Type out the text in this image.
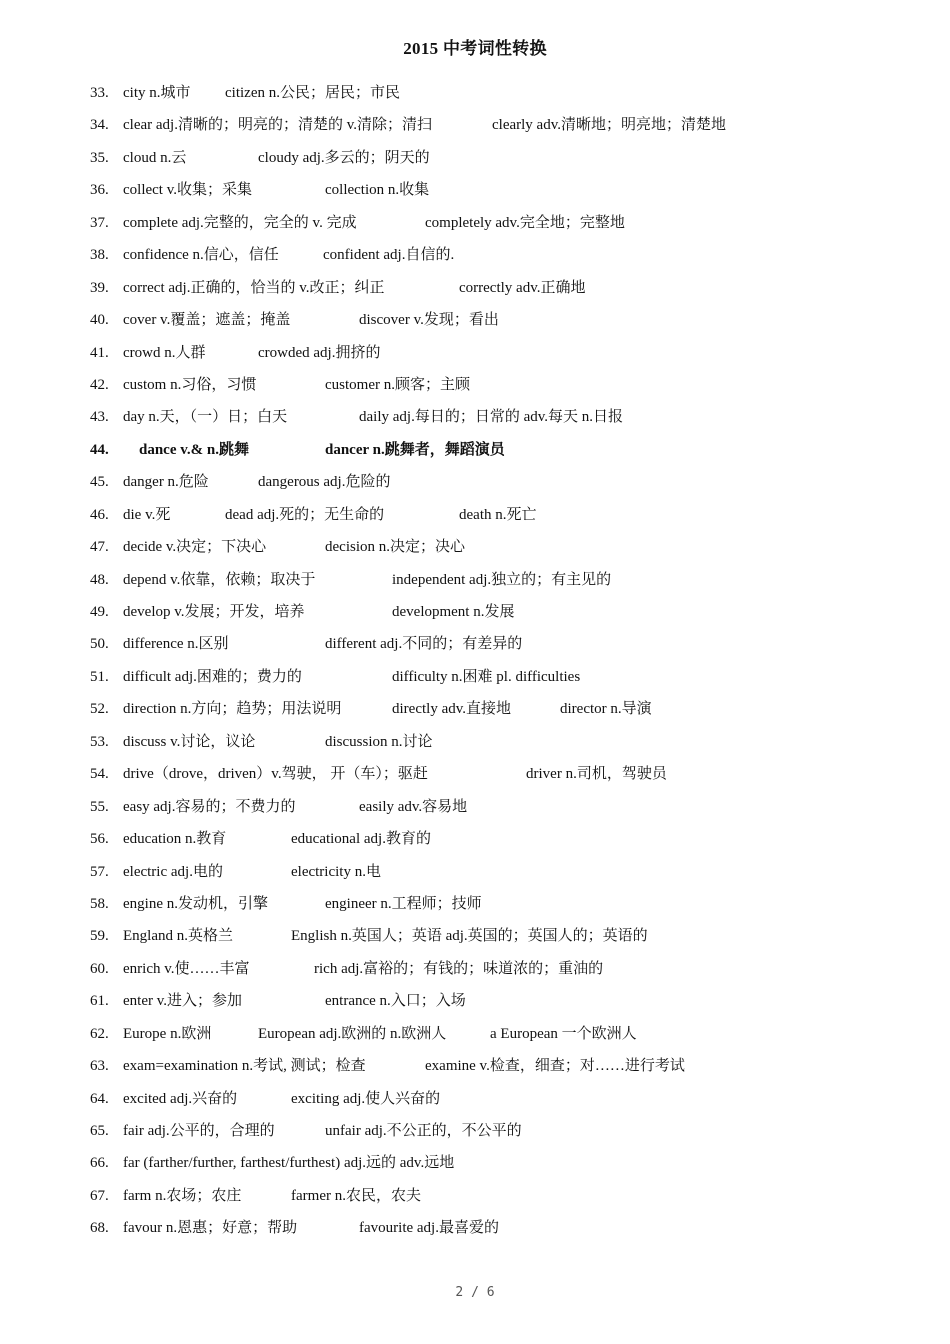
2015 中考词性转换
33. city n.城市 citizen n.公民；居民；市民
34. clear adj.清晰的；明亮的；清楚的 v.清除；清扫	clearly adv.清晰地；明亮地；清楚地
35. cloud n.云	cloudy adj.多云的；阴天的
36. collect v.收集；采集	collection n.收集
37. complete adj.完整的，完全的 v. 完成	completely adv.完全地；完整地
38. confidence n.信心，信任	confident adj.自信的.
39. correct adj.正确的，恰当的 v.改正；纠正	correctly adv.正确地
40. cover v.覆盖；遮盖；掩盖	discover v.发现；看出
41. crowd n.人群	crowded adj.拥挤的
42. custom n.习俗，习惯	customer n.顾客；主顾
43. day n.天，（一）日；白天	daily adj.每日的；日常的 adv.每天 n.日报
44. dance v.& n.跳舞	dancer n.跳舞者，舞蹈演员
45. danger n.危险	dangerous adj.危险的
46. die v.死	dead adj.死的；无生命的	death n.死亡
47. decide v.决定；下决心	decision n.决定；决心
48. depend v.依靠，依赖；取决于	independent adj.独立的；有主见的
49. develop v.发展；开发，培养	development n.发展
50. difference n.区别	different adj.不同的；有差异的
51. difficult adj.困难的；费力的	difficulty n.困难 pl. difficulties
52. direction n.方向；趋势；用法说明	directly adv.直接地	director n.导演
53. discuss v.讨论，议论	discussion n.讨论
54. drive（drove，driven）v.驾驶， 开（车）；驱赶	driver n.司机，驾驶员
55. easy adj.容易的；不费力的	easily adv.容易地
56. education n.教育	educational adj.教育的
57. electric adj.电的	electricity n.电
58. engine n.发动机，引擎	engineer n.工程师；技师
59. England n.英格兰	English n.英国人；英语 adj.英国的；英国人的；英语的
60. enrich v.使……丰富	rich adj.富裕的；有钱的；味道浓的；重油的
61. enter v.进入；参加	entrance n.入口；入场
62. Europe n.欧洲	European adj.欧洲的 n.欧洲人	a European 一个欧洲人
63. exam=examination n.考试, 测试；检查	examine v.检查，细查；对……进行考试
64. excited adj.兴奋的	exciting adj.使人兴奋的
65. fair adj.公平的，合理的	unfair adj.不公正的，不公平的
66. far (farther/further, farthest/furthest) adj.远的 adv.远地
67. farm n.农场；农庄	farmer n.农民，农夫
68. favour n.恩惠；好意；帮助	favourite adj.最喜爱的
2 / 6
